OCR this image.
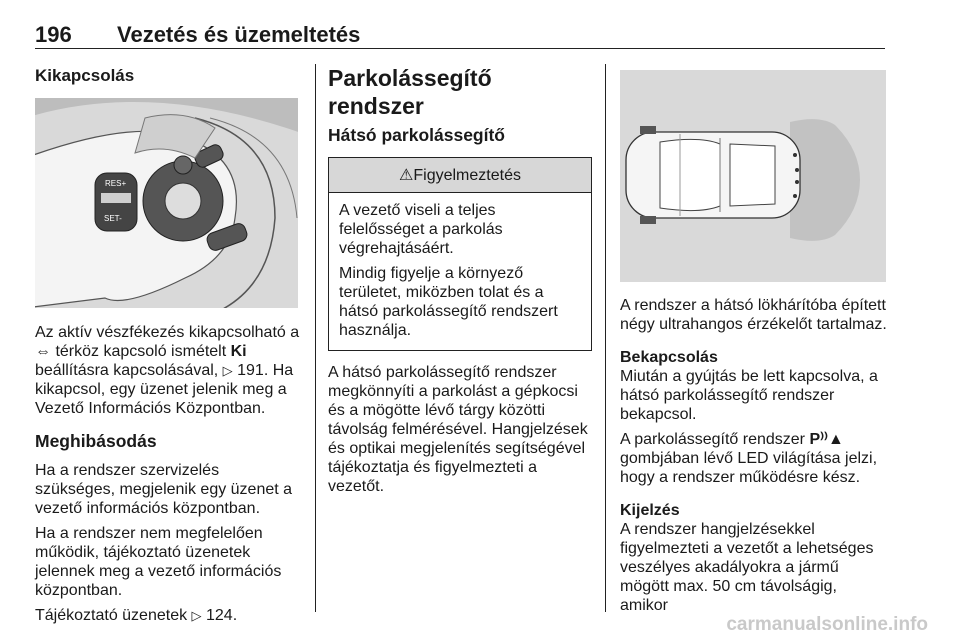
196 Vezetés és üzemeltetés

Kikapcsolás

RES+
SET-

Az aktív vészfékezés kikapcsolható a
⇔ térköz kapcsoló ismételt Ki
beállításra kapcsolásával, ▷ 191. Ha kikapcsol, egy üzenet jelenik meg a Vezető Információs Központban.

Meghibásodás

Ha a rendszer szervizelés szükséges, megjelenik egy üzenet a vezető információs központban.

Ha a rendszer nem megfelelően működik, tájékoztató üzenetek jelennek meg a vezető információs központban.

Tájékoztató üzenetek ▷ 124.

Parkolássegítő rendszer

Hátsó parkolássegítő

⚠Figyelmeztetés

A vezető viseli a teljes felelősséget a parkolás végrehajtásáért.

Mindig figyelje a környező területet, miközben tolat és a hátsó parkolássegítő rendszert használja.

A hátsó parkolássegítő rendszer megkönnyíti a parkolást a gépkocsi és a mögötte lévő tárgy közötti távolság felmérésével. Hangjelzések és optikai megjelenítés segítségével tájékoztatja és figyelmezteti a vezetőt.

A rendszer a hátsó lökhárítóba épített négy ultrahangos érzékelőt tartalmaz.

Bekapcsolás

Miután a gyújtás be lett kapcsolva, a hátsó parkolássegítő rendszer bekapcsol.

A parkolássegítő rendszer P⁾⁾▲
gombjában lévő LED világítása jelzi, hogy a rendszer működésre kész.

Kijelzés

A rendszer hangjelzésekkel figyelmezteti a vezetőt a lehetséges veszélyes akadályokra a jármű mögött max. 50 cm távolságig, amikor

carmanualsonline.info
